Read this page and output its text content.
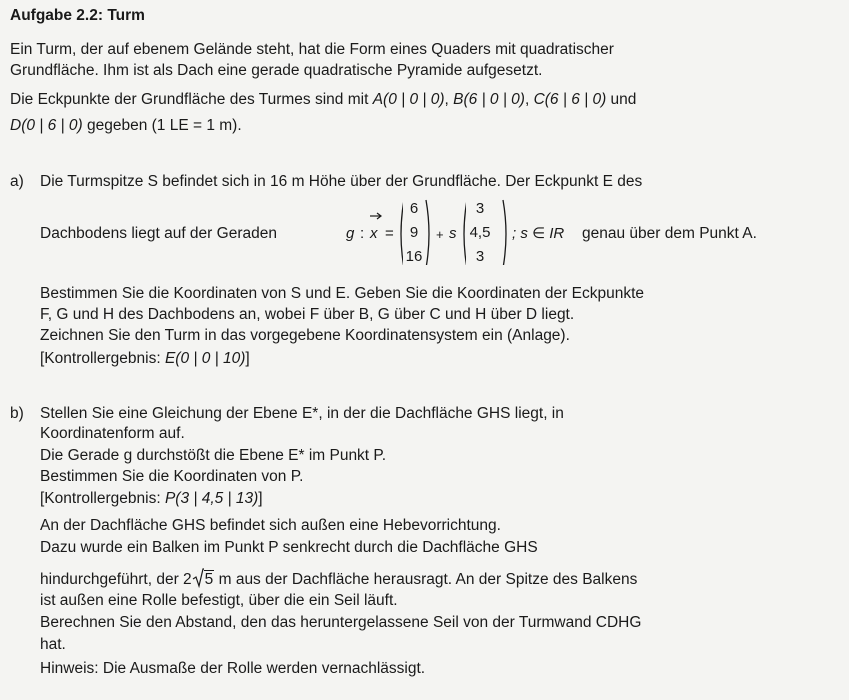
Aufgabe 2.2: Turm
Ein Turm, der auf ebenem Gelände steht, hat die Form eines Quaders mit quadratischer
Grundfläche. Ihm ist als Dach eine gerade quadratische Pyramide aufgesetzt.
Die Eckpunkte der Grundfläche des Turmes sind mit A(0 | 0 | 0), B(6 | 0 | 0), C(6 | 6 | 0) und
D(0 | 6 | 0) gegeben (1 LE = 1 m).
a) Die Turmspitze S befindet sich in 16 m Höhe über der Grundfläche. Der Eckpunkt E des
Dachbodens liegt auf der Geraden	g : x =
6
9
16
+ s
3
4,5
3
; s ∈ IR genau über dem Punkt A.
Bestimmen Sie die Koordinaten von S und E. Geben Sie die Koordinaten der Eckpunkte
F, G und H des Dachbodens an, wobei F über B, G über C und H über D liegt.
Zeichnen Sie den Turm in das vorgegebene Koordinatensystem ein (Anlage).
[Kontrollergebnis: E(0 | 0 | 10)]
b) Stellen Sie eine Gleichung der Ebene E*, in der die Dachfläche GHS liegt, in
Koordinatenform auf.
Die Gerade g durchstößt die Ebene E* im Punkt P.
Bestimmen Sie die Koordinaten von P.
[Kontrollergebnis: P(3 | 4,5 | 13)]
An der Dachfläche GHS befindet sich außen eine Hebevorrichtung.
Dazu wurde ein Balken im Punkt P senkrecht durch die Dachfläche GHS
hindurchgeführt, der 2 5 m aus der Dachfläche herausragt. An der Spitze des Balkens
ist außen eine Rolle befestigt, über die ein Seil läuft.
Berechnen Sie den Abstand, den das heruntergelassene Seil von der Turmwand CDHG
hat.
Hinweis: Die Ausmaße der Rolle werden vernachlässigt.
